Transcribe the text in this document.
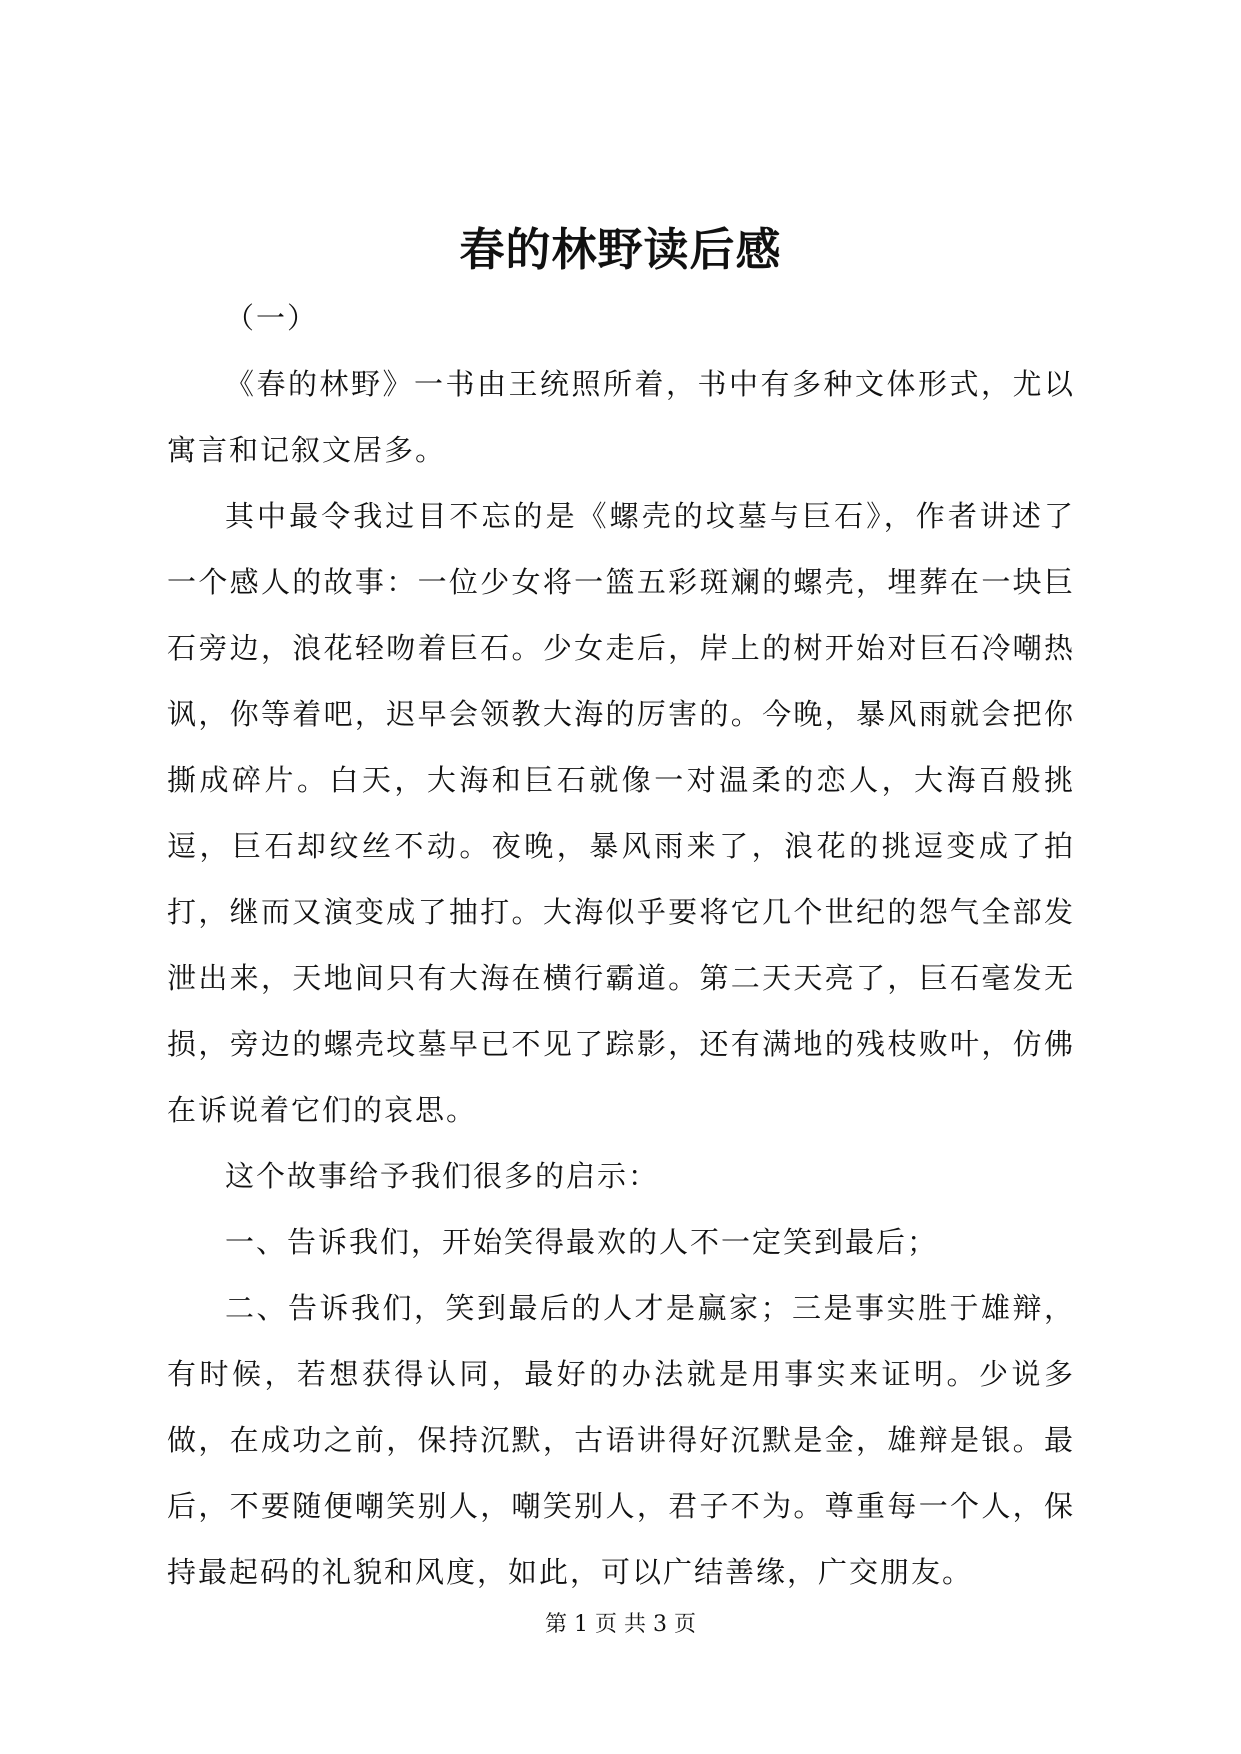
春的林野读后感

（一）

《春的林野》一书由王统照所着，书中有多种文体形式，尤以寓言和记叙文居多。

其中最令我过目不忘的是《螺壳的坟墓与巨石》，作者讲述了一个感人的故事：一位少女将一篮五彩斑斓的螺壳，埋葬在一块巨石旁边，浪花轻吻着巨石。少女走后，岸上的树开始对巨石冷嘲热讽，你等着吧，迟早会领教大海的厉害的。今晚，暴风雨就会把你撕成碎片。白天，大海和巨石就像一对温柔的恋人，大海百般挑逗，巨石却纹丝不动。夜晚，暴风雨来了，浪花的挑逗变成了拍打，继而又演变成了抽打。大海似乎要将它几个世纪的怨气全部发泄出来，天地间只有大海在横行霸道。第二天天亮了，巨石毫发无损，旁边的螺壳坟墓早已不见了踪影，还有满地的残枝败叶，仿佛在诉说着它们的哀思。

这个故事给予我们很多的启示：

一、告诉我们，开始笑得最欢的人不一定笑到最后；

二、告诉我们，笑到最后的人才是赢家；三是事实胜于雄辩，有时候，若想获得认同，最好的办法就是用事实来证明。少说多做，在成功之前，保持沉默，古语讲得好沉默是金，雄辩是银。最后，不要随便嘲笑别人，嘲笑别人，君子不为。尊重每一个人，保持最起码的礼貌和风度，如此，可以广结善缘，广交朋友。

第 1 页 共 3 页
